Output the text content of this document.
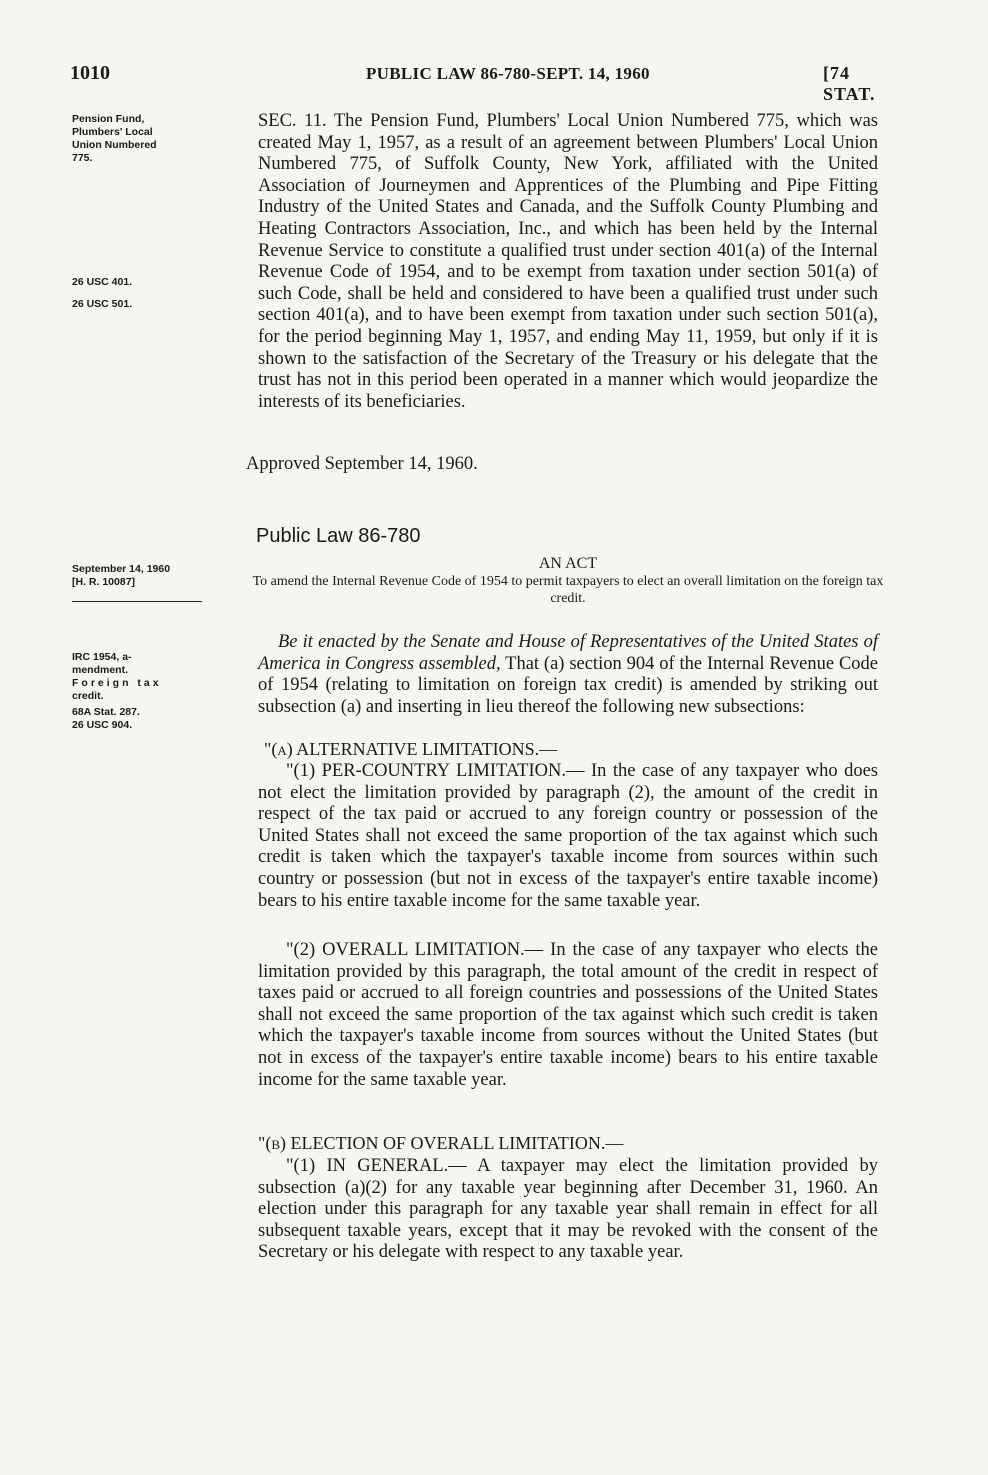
1010	PUBLIC LAW 86-780-SEPT. 14, 1960	[74 STAT.
Pension Fund,
Plumbers' Local
Union Numbered
775.
26 USC 401.
26 USC 501.
September 14, 1960
[H. R. 10087]
IRC 1954, a-
mendment.
Foreign tax
credit.
68A Stat. 287.
26 USC 904.
SEC. 11. The Pension Fund, Plumbers' Local Union Numbered 775, which was created May 1, 1957, as a result of an agreement between Plumbers' Local Union Numbered 775, of Suffolk County, New York, affiliated with the United Association of Journeymen and Apprentices of the Plumbing and Pipe Fitting Industry of the United States and Canada, and the Suffolk County Plumbing and Heating Contractors Association, Inc., and which has been held by the Internal Revenue Service to constitute a qualified trust under section 401(a) of the Internal Revenue Code of 1954, and to be exempt from taxation under section 501(a) of such Code, shall be held and considered to have been a qualified trust under such section 401(a), and to have been exempt from taxation under such section 501(a), for the period beginning May 1, 1957, and ending May 11, 1959, but only if it is shown to the satisfaction of the Secretary of the Treasury or his delegate that the trust has not in this period been operated in a manner which would jeopardize the interests of its beneficiaries.
Approved September 14, 1960.
Public Law 86-780
AN ACT
To amend the Internal Revenue Code of 1954 to permit taxpayers to elect an overall limitation on the foreign tax credit.
Be it enacted by the Senate and House of Representatives of the United States of America in Congress assembled, That (a) section 904 of the Internal Revenue Code of 1954 (relating to limitation on foreign tax credit) is amended by striking out subsection (a) and inserting in lieu thereof the following new subsections:
"(a) ALTERNATIVE LIMITATIONS.—
"(1) PER-COUNTRY LIMITATION.— In the case of any taxpayer who does not elect the limitation provided by paragraph (2), the amount of the credit in respect of the tax paid or accrued to any foreign country or possession of the United States shall not exceed the same proportion of the tax against which such credit is taken which the taxpayer's taxable income from sources within such country or possession (but not in excess of the taxpayer's entire taxable income) bears to his entire taxable income for the same taxable year.
"(2) OVERALL LIMITATION.— In the case of any taxpayer who elects the limitation provided by this paragraph, the total amount of the credit in respect of taxes paid or accrued to all foreign countries and possessions of the United States shall not exceed the same proportion of the tax against which such credit is taken which the taxpayer's taxable income from sources without the United States (but not in excess of the taxpayer's entire taxable income) bears to his entire taxable income for the same taxable year.
"(b) ELECTION OF OVERALL LIMITATION.—
"(1) IN GENERAL.— A taxpayer may elect the limitation provided by subsection (a)(2) for any taxable year beginning after December 31, 1960. An election under this paragraph for any taxable year shall remain in effect for all subsequent taxable years, except that it may be revoked with the consent of the Secretary or his delegate with respect to any taxable year.
